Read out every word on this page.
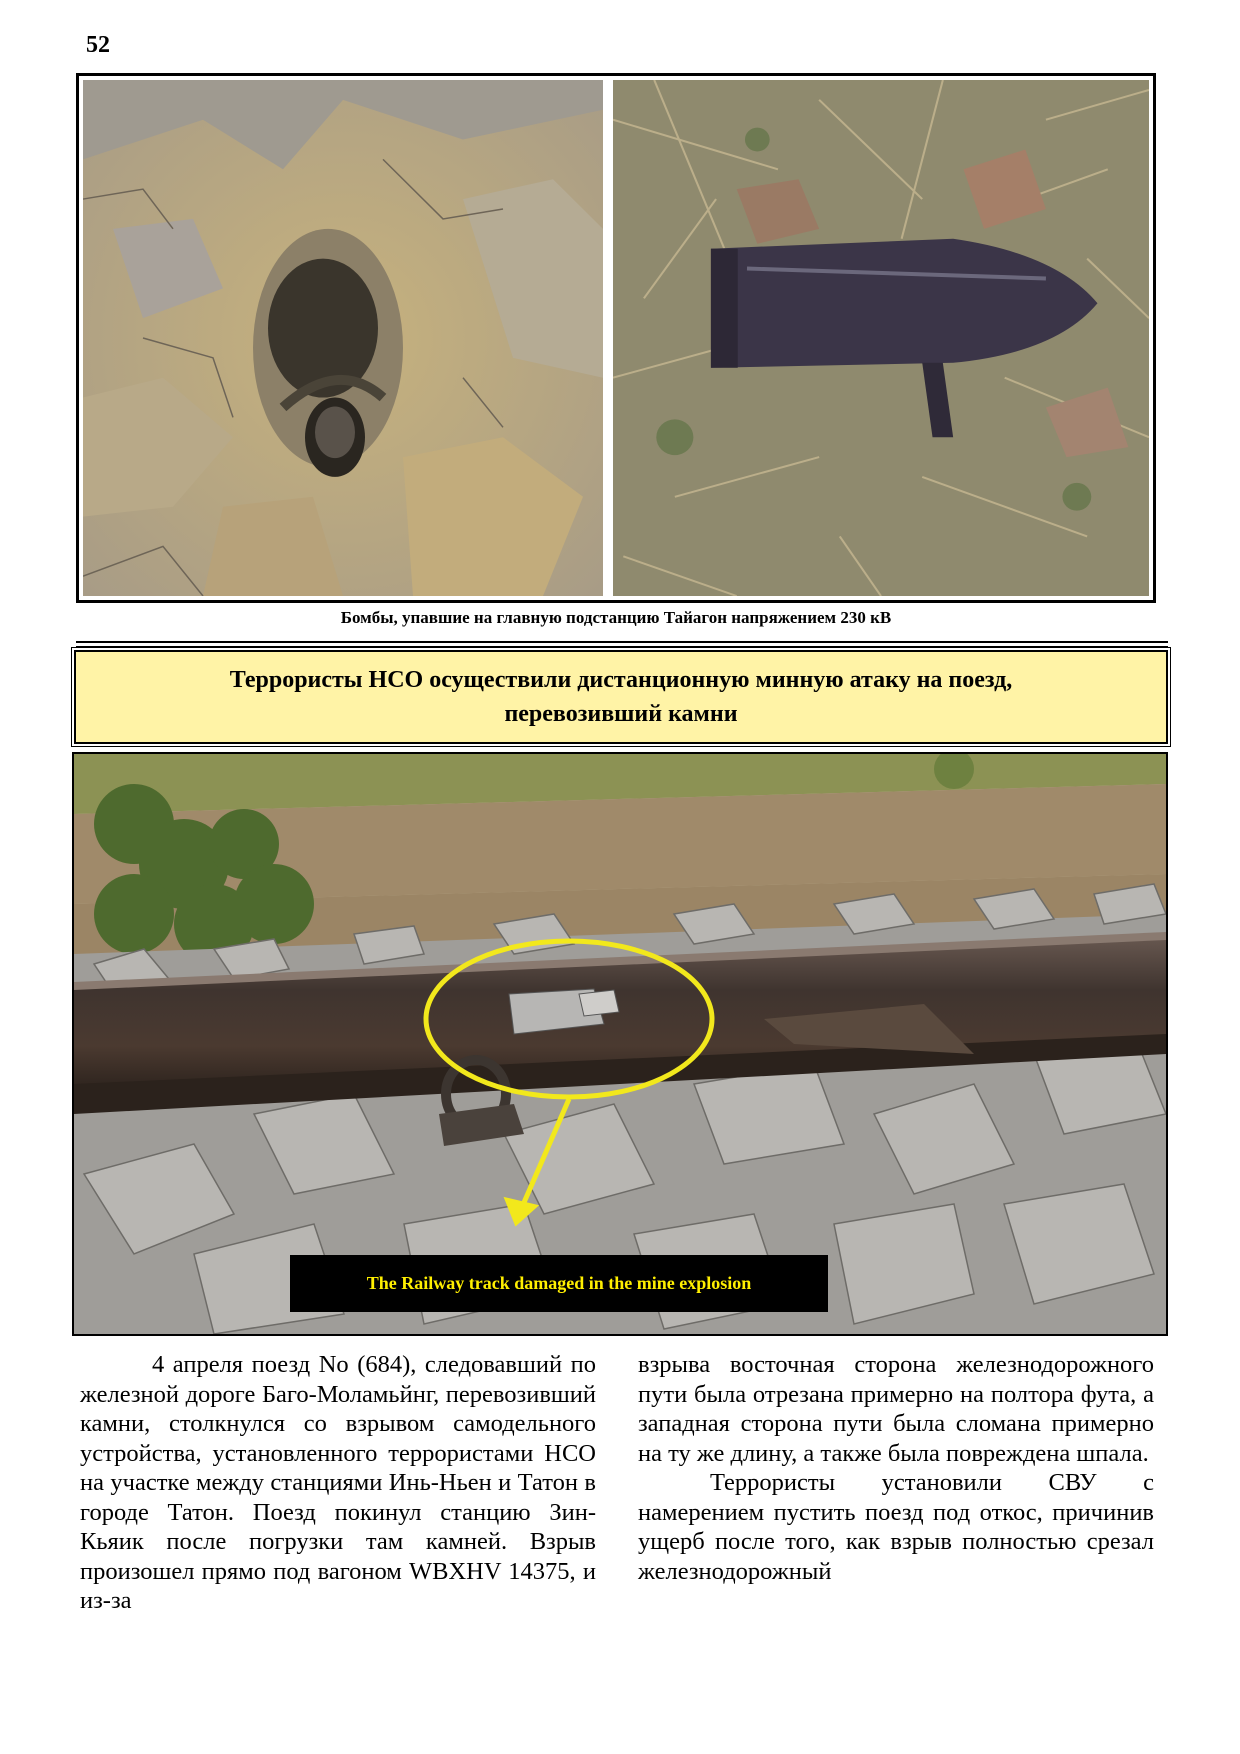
52
Бомбы, упавшие на главную подстанцию Тайагон напряжением 230 кВ
Террористы НСО осуществили дистанционную минную атаку на поезд,
перевозивший камни
The Railway track damaged in the mine explosion

4 апреля поезд No (684), следовавший по железной дороге Баго-Моламьйнг, перевозивший камни, столкнулся со взрывом самодельного устройства, установленного террористами НСО на участке между станциями Инь-Ньен и Татон в городе Татон. Поезд покинул станцию Зин-Кьяик после погрузки там камней. Взрыв произошел прямо под вагоном WBXHV 14375, и из-за

взрыва восточная сторона железнодорожного пути была отрезана примерно на полтора фута, а западная сторона пути была сломана примерно на ту же длину, а также была повреждена шпала.

Террористы установили СВУ с намерением пустить поезд под откос, причинив ущерб после того, как взрыв полностью срезал железнодорожный
